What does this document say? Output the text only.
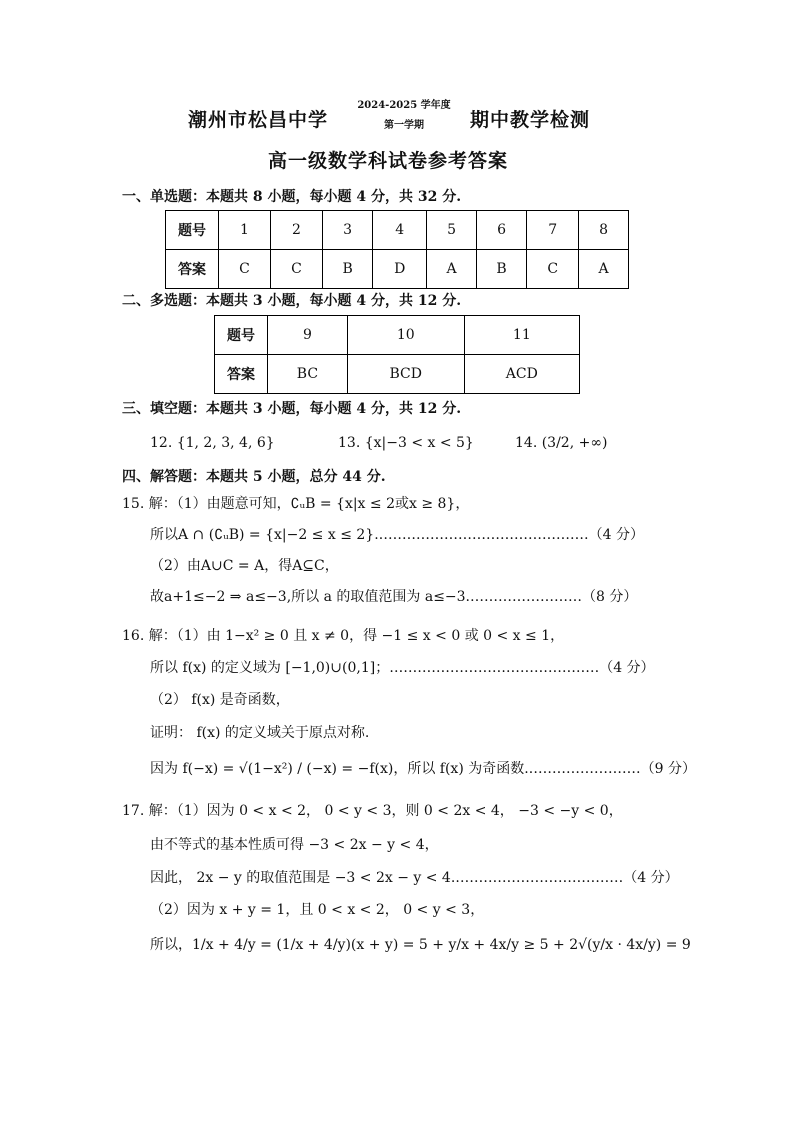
潮州市松昌中学
2024-2025 学年度
第一学期	期中教学检测
高一级数学科试卷参考答案
一、单选题：本题共 8 小题，每小题 4 分，共 32 分.
题号	1	2	3	4	5	6	7	8
答案	C	C	B	D	A	B	C	A
二、多选题：本题共 3 小题，每小题 4 分，共 12 分.
题号	9	10	11
答案	BC	BCD	ACD
三、填空题：本题共 3 小题，每小题 4 分，共 12 分.
12. {1, 2, 3, 4, 6}	13. {x|−3 < x < 5}	14. (3/2, +∞)
四、解答题：本题共 5 小题，总分 44 分.
15. 解：（1）由题意可知，∁ᵤB = {x|x ≤ 2或x ≥ 8}，
所以A ∩ (∁ᵤB) = {x|−2 ≤ x ≤ 2}.………………………………………（4 分）
（2）由A∪C = A，得A⊆C，
故a+1≤−2 ⇒ a≤−3,所以 a 的取值范围为 a≤−3.……………………（8 分）
16. 解：（1）由 1−x² ≥ 0 且 x ≠ 0，得 −1 ≤ x < 0 或 0 < x ≤ 1，
所以 f(x) 的定义域为 [−1,0)∪(0,1]；………………………………………（4 分）
（2） f(x) 是奇函数，
证明： f(x) 的定义域关于原点对称.
因为 f(−x) = √(1−x²) / (−x) = −f(x)，所以 f(x) 为奇函数.……………………（9 分）
17. 解：（1）因为 0 < x < 2， 0 < y < 3，则 0 < 2x < 4， −3 < −y < 0，
由不等式的基本性质可得 −3 < 2x − y < 4，
因此， 2x − y 的取值范围是 −3 < 2x − y < 4.………………………………（4 分）
（2）因为 x + y = 1，且 0 < x < 2， 0 < y < 3，
所以，1/x + 4/y = (1/x + 4/y)(x + y) = 5 + y/x + 4x/y ≥ 5 + 2√(y/x · 4x/y) = 9
